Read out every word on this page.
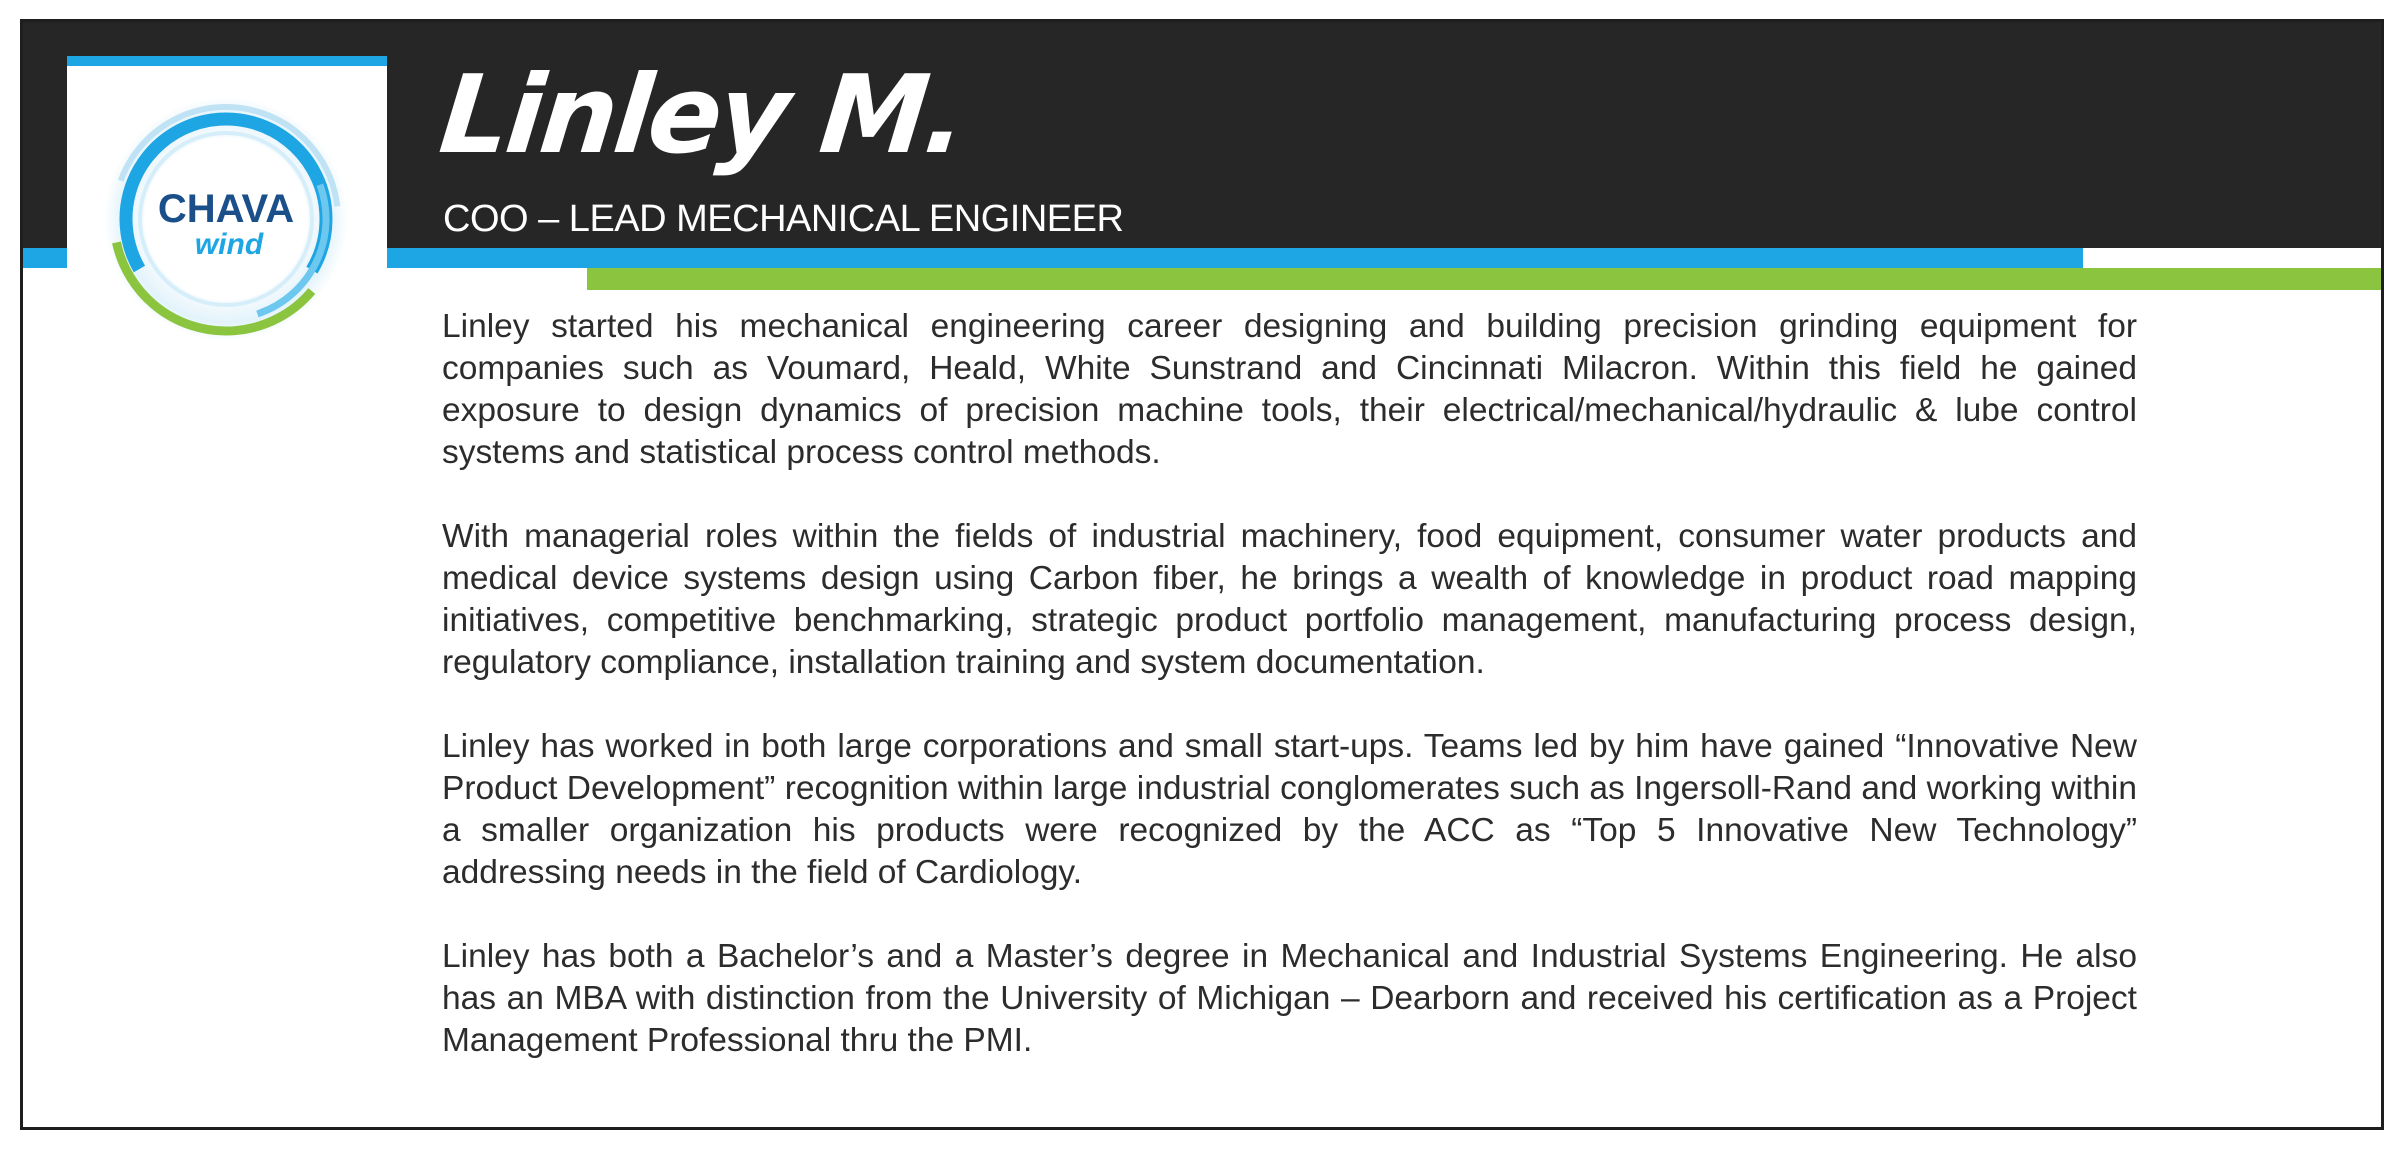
Linley M.
COO – LEAD MECHANICAL ENGINEER
CHAVA
wind

Linley started his mechanical engineering career designing and building precision grinding equipment for companies such as Voumard, Heald, White Sunstrand and Cincinnati Milacron. Within this field he gained exposure to design dynamics of precision machine tools, their electrical/mechanical/hydraulic & lube control systems and statistical process control methods.

With managerial roles within the fields of industrial machinery, food equipment, consumer water products and medical device systems design using Carbon fiber, he brings a wealth of knowledge in product road mapping initiatives, competitive benchmarking, strategic product portfolio management, manufacturing process design, regulatory compliance, installation training and system documentation.

Linley has worked in both large corporations and small start-ups. Teams led by him have gained “Innovative New Product Development” recognition within large industrial conglomerates such as Ingersoll-Rand and working within a smaller organization his products were recognized by the ACC as “Top 5 Innovative New Technology” addressing needs in the field of Cardiology.

Linley has both a Bachelor’s and a Master’s degree in Mechanical and Industrial Systems Engineering. He also has an MBA with distinction from the University of Michigan – Dearborn and received his certification as a Project Management Professional thru the PMI.
